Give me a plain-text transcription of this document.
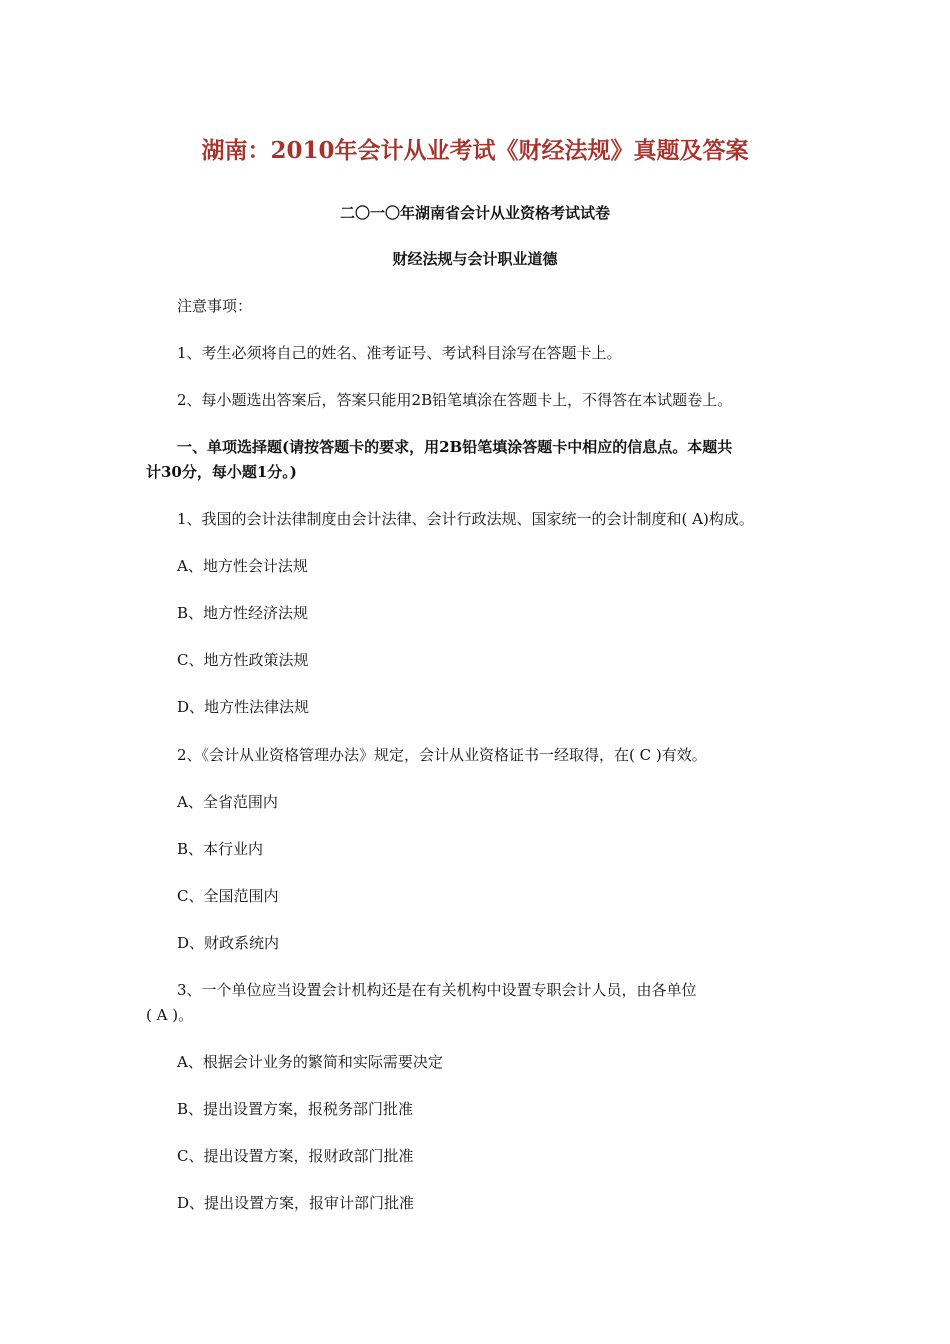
湖南：2010年会计从业考试《财经法规》真题及答案
二〇一〇年湖南省会计从业资格考试试卷
财经法规与会计职业道德
注意事项：
1、考生必须将自己的姓名、准考证号、考试科目涂写在答题卡上。
2、每小题选出答案后，答案只能用2B铅笔填涂在答题卡上，不得答在本试题卷上。
一、单项选择题(请按答题卡的要求，用2B铅笔填涂答题卡中相应的信息点。本题共
计30分，每小题1分。)
1、我国的会计法律制度由会计法律、会计行政法规、国家统一的会计制度和( A)构成。
A、地方性会计法规
B、地方性经济法规
C、地方性政策法规
D、地方性法律法规
2、《会计从业资格管理办法》规定，会计从业资格证书一经取得，在( C )有效。
A、全省范围内
B、本行业内
C、全国范围内
D、财政系统内
3、一个单位应当设置会计机构还是在有关机构中设置专职会计人员，由各单位
( A )。
A、根据会计业务的繁简和实际需要决定
B、提出设置方案，报税务部门批准
C、提出设置方案，报财政部门批准
D、提出设置方案，报审计部门批准
